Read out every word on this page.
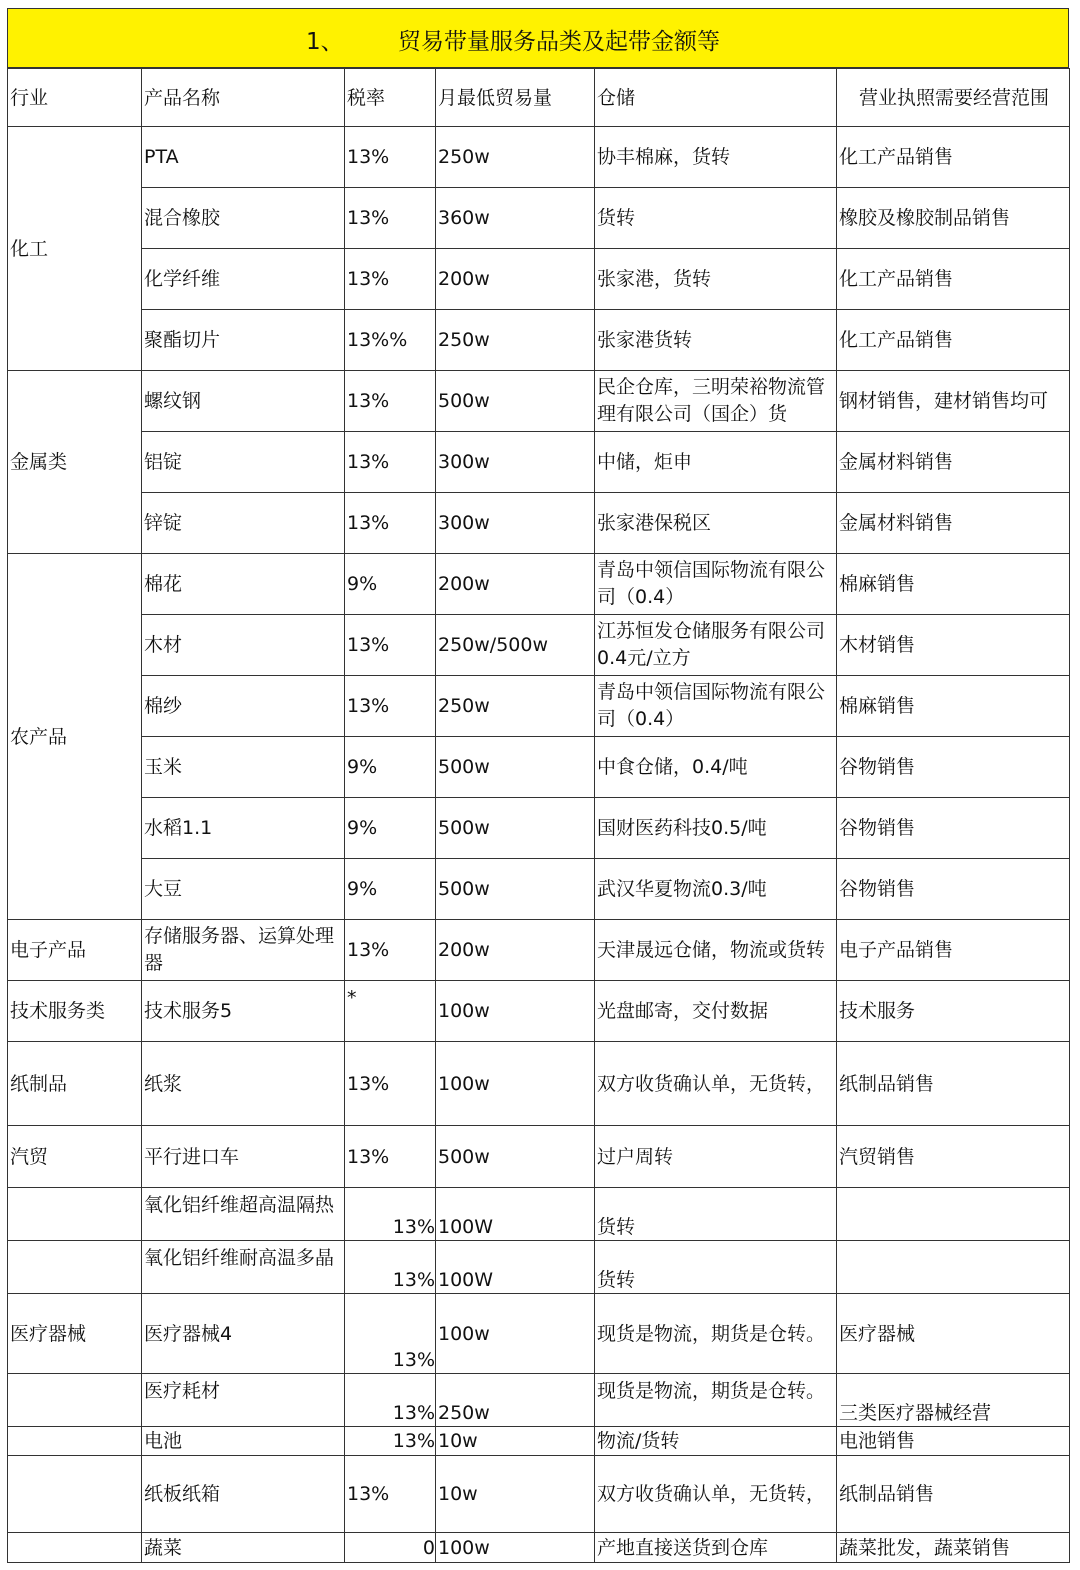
1、 贸易带量服务品类及起带金额等
行业	产品名称	税率	月最低贸易量	仓储	营业执照需要经营范围
化工	PTA	13%	250w	协丰棉麻，货转	化工产品销售
	混合橡胶	13%	360w	货转	橡胶及橡胶制品销售
	化学纤维	13%	200w	张家港，货转	化工产品销售
	聚酯切片	13%%	250w	张家港货转	化工产品销售
金属类	螺纹钢	13%	500w	民企仓库，三明荣裕物流管理有限公司（国企）货	钢材销售，建材销售均可
	铝锭	13%	300w	中储，炬申	金属材料销售
	锌锭	13%	300w	张家港保税区	金属材料销售
农产品	棉花	9%	200w	青岛中领信国际物流有限公司（0.4）	棉麻销售
	木材	13%	250w/500w	江苏恒发仓储服务有限公司0.4元/立方	木材销售
	棉纱	13%	250w	青岛中领信国际物流有限公司（0.4）	棉麻销售
	玉米	9%	500w	中食仓储，0.4/吨	谷物销售
	水稻1.1	9%	500w	国财医药科技0.5/吨	谷物销售
	大豆	9%	500w	武汉华夏物流0.3/吨	谷物销售
电子产品	存储服务器、运算处理器	13%	200w	天津晟远仓储，物流或货转	电子产品销售
技术服务类	技术服务5	*	100w	光盘邮寄，交付数据	技术服务
纸制品	纸浆	13%	100w	双方收货确认单，无货转，	纸制品销售
汽贸	平行进口车	13%	500w	过户周转	汽贸销售
	氧化铝纤维超高温隔热	13%	100W	货转	
	氧化铝纤维耐高温多晶	13%	100W	货转	
医疗器械	医疗器械4	13%	100w	现货是物流，期货是仓转。	医疗器械
	医疗耗材	13%	250w	现货是物流，期货是仓转。	三类医疗器械经营
	电池	13%	10w	物流/货转	电池销售
	纸板纸箱	13%	10w	双方收货确认单，无货转，	纸制品销售
	蔬菜	0	100w	产地直接送货到仓库	蔬菜批发，蔬菜销售
